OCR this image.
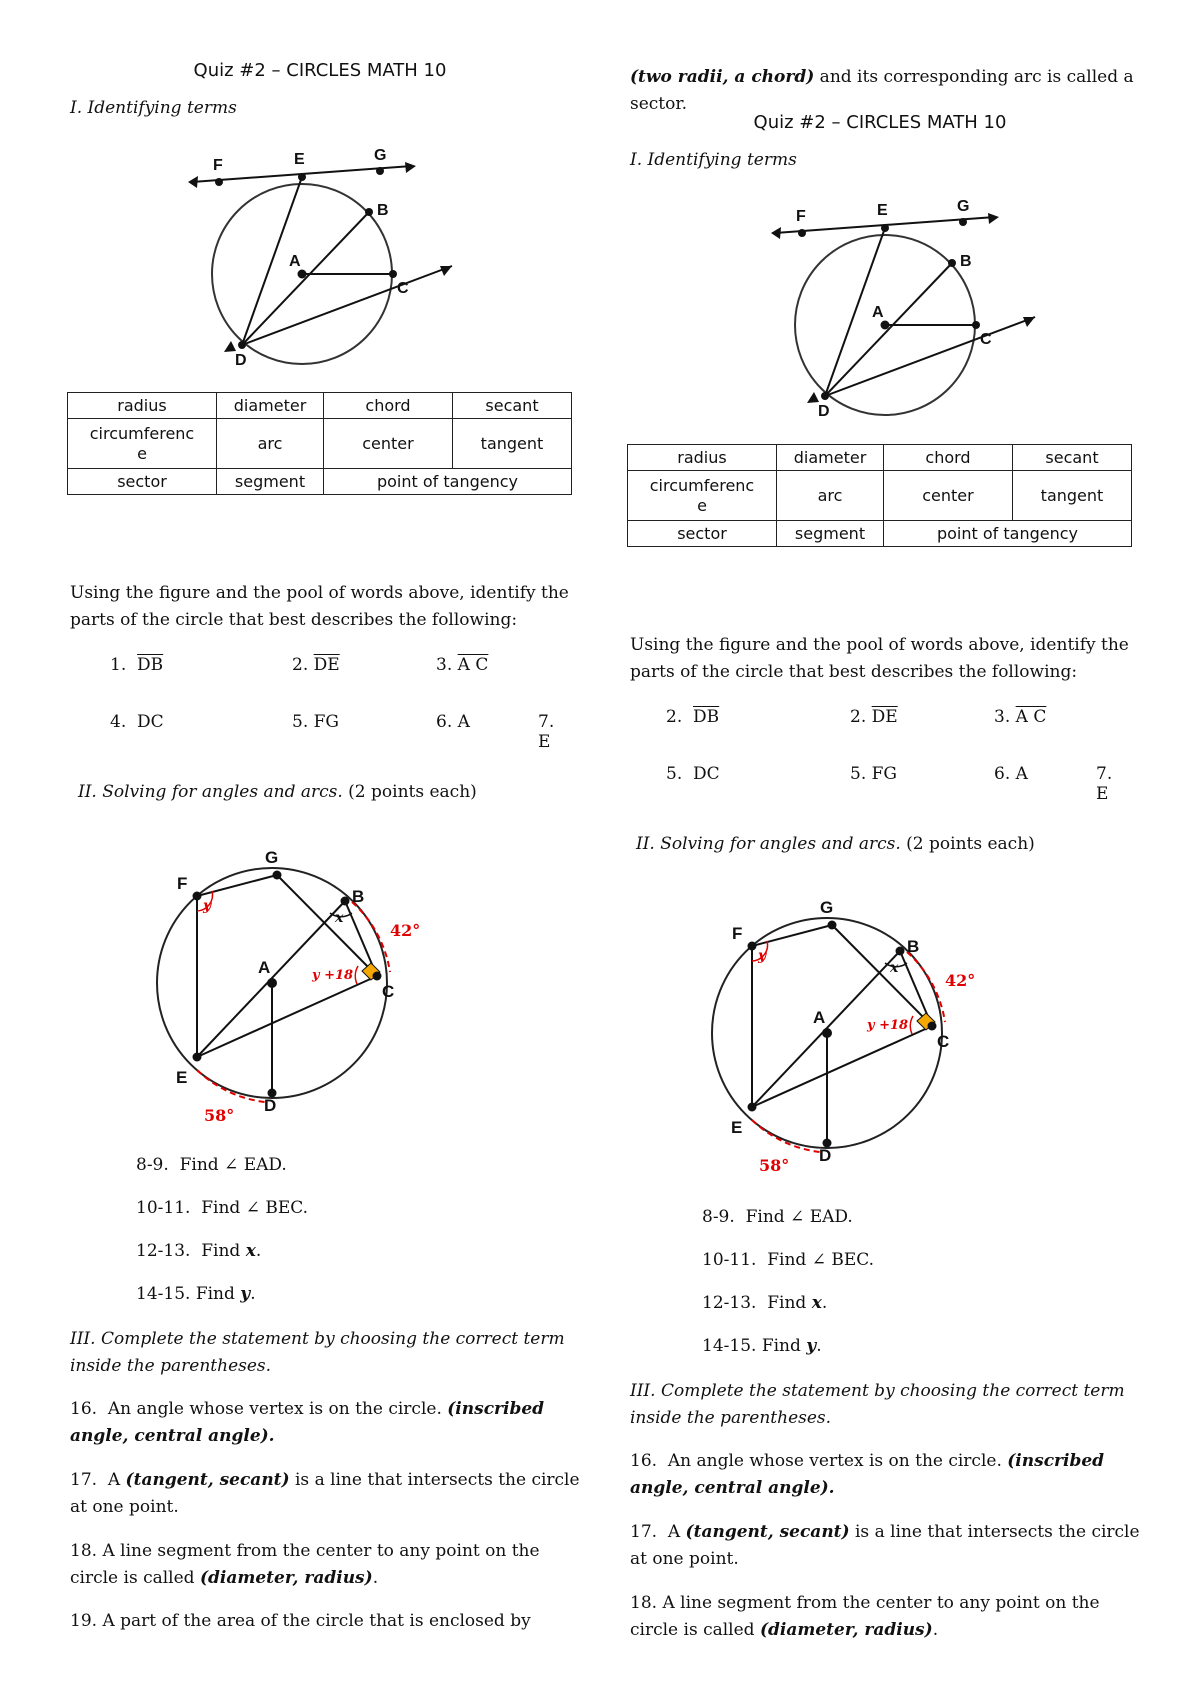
Quiz #2 – CIRCLES MATH 10
I. Identifying terms
F	E	G
B
A
C
D
radius	diameter	chord	secant
circumferenc
e	arc	center	tangent
sector	segment	point of tangency	
Using the figure and the pool of words above, identify the parts of the circle that best describes the following:
1. $\overline{DB}$	2. $\overline{DE}$	3. A C
4. DC	5. FG	6. A	7. E
II. Solving for angles and arcs. (2 points each)
G
F
B
A
C
E
D
42°
58°
y
x
y +18
8-9. Find ∠ EAD.
10-11. Find ∠ BEC.
12-13. Find x.
14-15. Find y.
III. Complete the statement by choosing the correct term inside the parentheses.
16. An angle whose vertex is on the circle. (inscribed angle, central angle).
17. A (tangent, secant) is a line that intersects the circle at one point.
18. A line segment from the center to any point on the circle is called (diameter, radius).
19. A part of the area of the circle that is enclosed by
(two radii, a chord) and its corresponding arc is called a sector.
Quiz #2 – CIRCLES MATH 10
I. Identifying terms
F	E	G
B
A
C
D
radius	diameter	chord	secant
circumferenc
e	arc	center	tangent
sector	segment	point of tangency	
Using the figure and the pool of words above, identify the parts of the circle that best describes the following:
2. $\overline{DB}$	2. $\overline{DE}$	3. A C
5. DC	5. FG	6. A	7. E
II. Solving for angles and arcs. (2 points each)
G
F
B
A
C
E
D
42°
58°
y
x
y +18
8-9. Find ∠ EAD.
10-11. Find ∠ BEC.
12-13. Find x.
14-15. Find y.
III. Complete the statement by choosing the correct term inside the parentheses.
16. An angle whose vertex is on the circle. (inscribed angle, central angle).
17. A (tangent, secant) is a line that intersects the circle at one point.
18. A line segment from the center to any point on the circle is called (diameter, radius).
